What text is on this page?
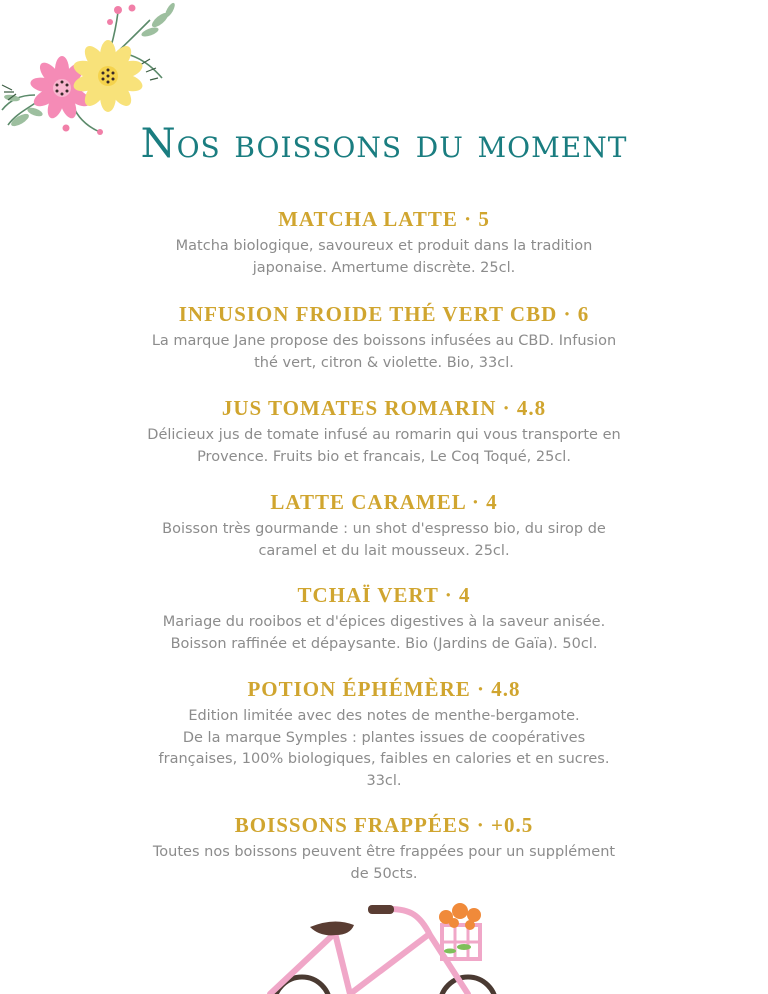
Nos boissons du moment
MATCHA LATTE · 5
Matcha biologique, savoureux et produit dans la tradition
japonaise. Amertume discrète. 25cl.
INFUSION FROIDE THÉ VERT CBD · 6
La marque Jane propose des boissons infusées au CBD. Infusion
thé vert, citron & violette. Bio, 33cl.
JUS TOMATES ROMARIN · 4.8
Délicieux jus de tomate infusé au romarin qui vous transporte en
Provence. Fruits bio et francais, Le Coq Toqué, 25cl.
LATTE CARAMEL · 4
Boisson très gourmande : un shot d'espresso bio, du sirop de
caramel et du lait mousseux. 25cl.
TCHAÏ VERT · 4
Mariage du rooibos et d'épices digestives à la saveur anisée.
Boisson raffinée et dépaysante. Bio (Jardins de Gaïa). 50cl.
POTION ÉPHÉMÈRE · 4.8
Edition limitée avec des notes de menthe-bergamote.
De la marque Symples : plantes issues de coopératives
françaises, 100% biologiques, faibles en calories et en sucres.
33cl.
BOISSONS FRAPPÉES · +0.5
Toutes nos boissons peuvent être frappées pour un supplément
de 50cts.
